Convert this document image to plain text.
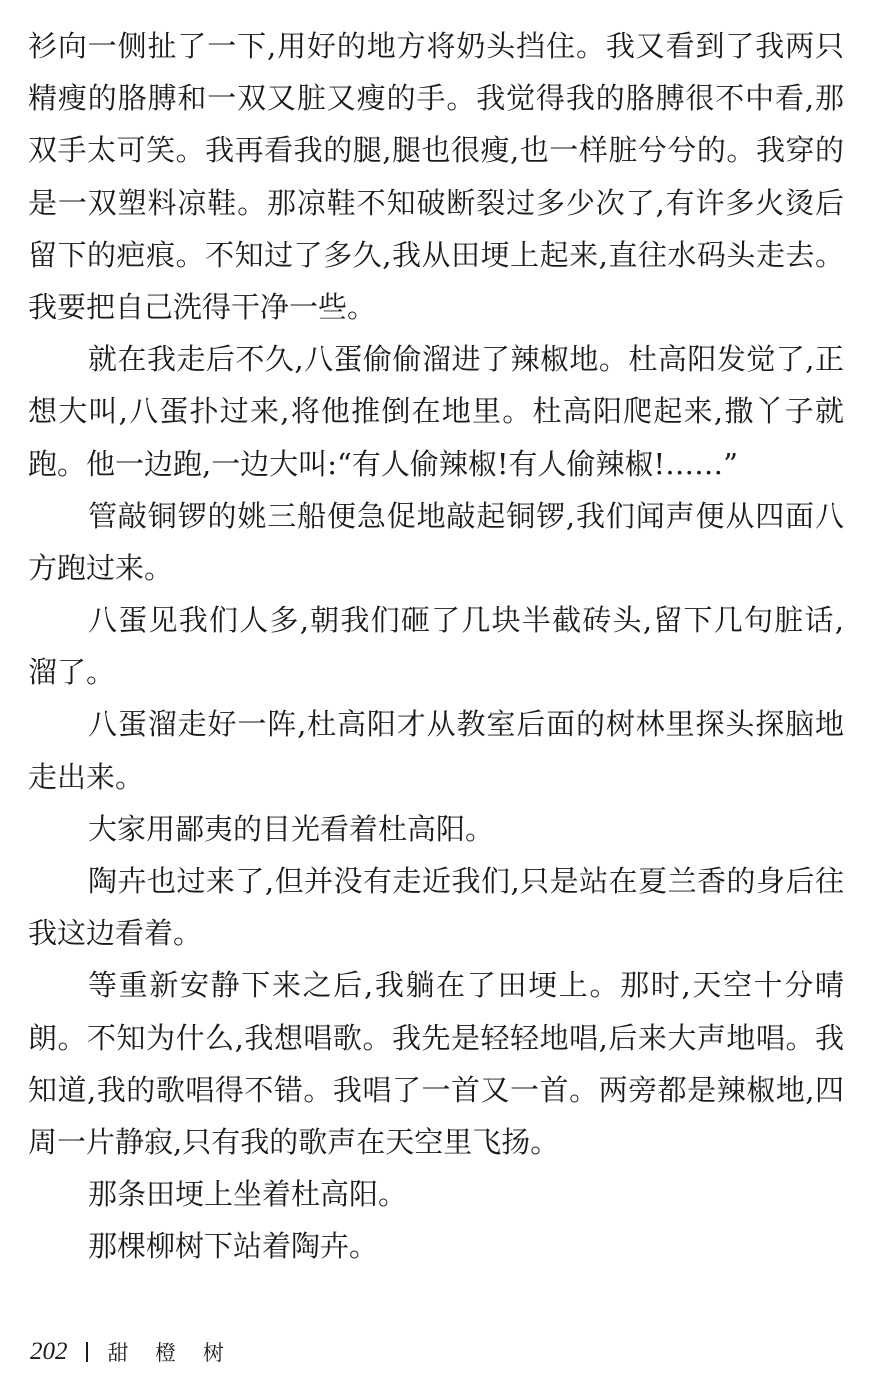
衫向一侧扯了一下,用好的地方将奶头挡住。我又看到了我两只
精瘦的胳膊和一双又脏又瘦的手。我觉得我的胳膊很不中看,那
双手太可笑。我再看我的腿,腿也很瘦,也一样脏兮兮的。我穿的
是一双塑料凉鞋。那凉鞋不知破断裂过多少次了,有许多火烫后
留下的疤痕。不知过了多久,我从田埂上起来,直往水码头走去。
我要把自己洗得干净一些。
就在我走后不久,八蛋偷偷溜进了辣椒地。杜高阳发觉了,正
想大叫,八蛋扑过来,将他推倒在地里。杜高阳爬起来,撒丫子就
跑。他一边跑,一边大叫:“有人偷辣椒!有人偷辣椒!……”
管敲铜锣的姚三船便急促地敲起铜锣,我们闻声便从四面八
方跑过来。
八蛋见我们人多,朝我们砸了几块半截砖头,留下几句脏话,
溜了。
八蛋溜走好一阵,杜高阳才从教室后面的树林里探头探脑地
走出来。
大家用鄙夷的目光看着杜高阳。
陶卉也过来了,但并没有走近我们,只是站在夏兰香的身后往
我这边看着。
等重新安静下来之后,我躺在了田埂上。那时,天空十分晴
朗。不知为什么,我想唱歌。我先是轻轻地唱,后来大声地唱。我
知道,我的歌唱得不错。我唱了一首又一首。两旁都是辣椒地,四
周一片静寂,只有我的歌声在天空里飞扬。
那条田埂上坐着杜高阳。
那棵柳树下站着陶卉。
202 甜 橙 树
